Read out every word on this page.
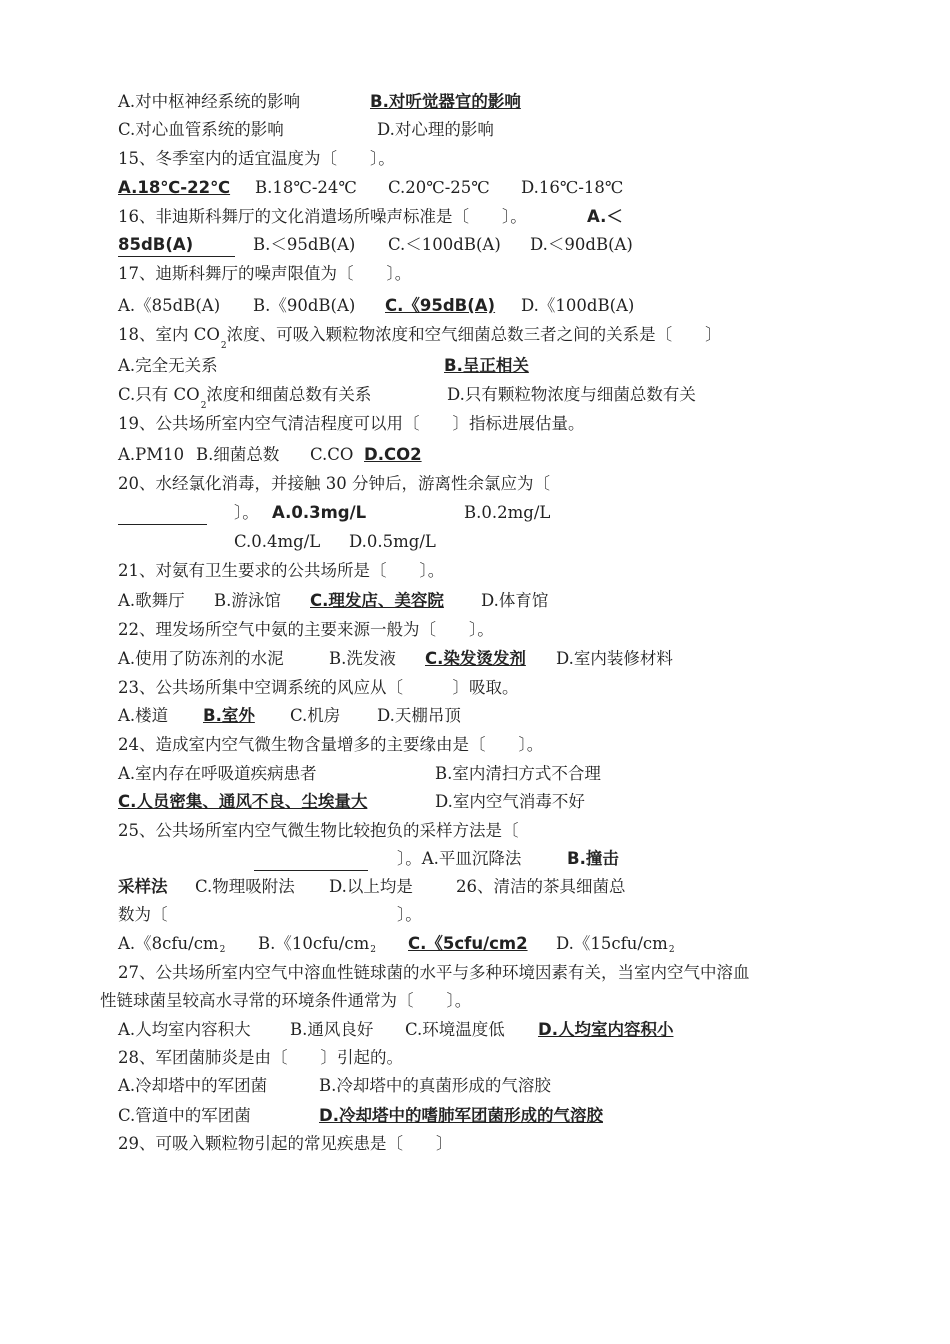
A.对中枢神经系统的影响	B.对听觉器官的影响
C.对心血管系统的影响	D.对心理的影响
15、冬季室内的适宜温度为〔　　〕。
A.18℃-22℃	B.18℃-24℃ C.20℃-25℃ D.16℃-18℃
16、非迪斯科舞厅的文化消遣场所噪声标准是〔　　〕。	A.＜
85dB(A)	B.＜95dB(A) C.＜100dB(A) D.＜90dB(A)
17、迪斯科舞厅的噪声限值为〔　　〕。
A.《85dB(A) B.《90dB(A)	C.《95dB(A)	D.《100dB(A)
18、室内 $CO_2$浓度、可吸入颗粒物浓度和空气细菌总数三者之间的关系是〔　　〕
A.完全无关系	B.呈正相关
C.只有 $CO_2$浓度和细菌总数有关系	D.只有颗粒物浓度与细菌总数有关
19、公共场所室内空气清洁程度可以用〔　　〕指标进展估量。
A.PM10 B.细菌总数 C.CO D.CO2
20、水经氯化消毒，并接触 30 分钟后，游离性余氯应为〔
〕。 A.0.3mg/L	B.0.2mg/L
C.0.4mg/L D.0.5mg/L
21、对氨有卫生要求的公共场所是〔　　〕。
A.歌舞厅 B.游泳馆	C.理发店、美容院	D.体育馆
22、理发场所空气中氨的主要来源一般为〔　　〕。
A.使用了防冻剂的水泥	B.洗发液	C.染发烫发剂	D.室内装修材料
23、公共场所集中空调系统的风应从〔　　　〕吸取。
A.楼道	B.室外 C.机房 D.天棚吊顶
24、造成室内空气微生物含量增多的主要缘由是〔　　〕。
A.室内存在呼吸道疾病患者	B.室内清扫方式不合理
C.人员密集、通风不良、尘埃量大	D.室内空气消毒不好
25、公共场所室内空气微生物比较抱负的采样方法是〔
〕。A.平皿沉降法	B.撞击
采样法 C.物理吸附法 D.以上均是	26、清洁的茶具细菌总
数为〔	〕。
A.《8cfu/cm2 B.《10cfu/cm2	C.《5cfu/cm2 D.《15cfu/cm2
27、公共场所室内空气中溶血性链球菌的水平与多种环境因素有关，当室内空气中溶血
性链球菌呈较高水寻常的环境条件通常为〔　　〕。
A.人均室内容积大 B.通风良好 C.环境温度低	D.人均室内容积小
28、军团菌肺炎是由〔　　〕引起的。
A.冷却塔中的军团菌	B.冷却塔中的真菌形成的气溶胶
C.管道中的军团菌	D.冷却塔中的嗜肺军团菌形成的气溶胶
29、可吸入颗粒物引起的常见疾患是〔　　〕
